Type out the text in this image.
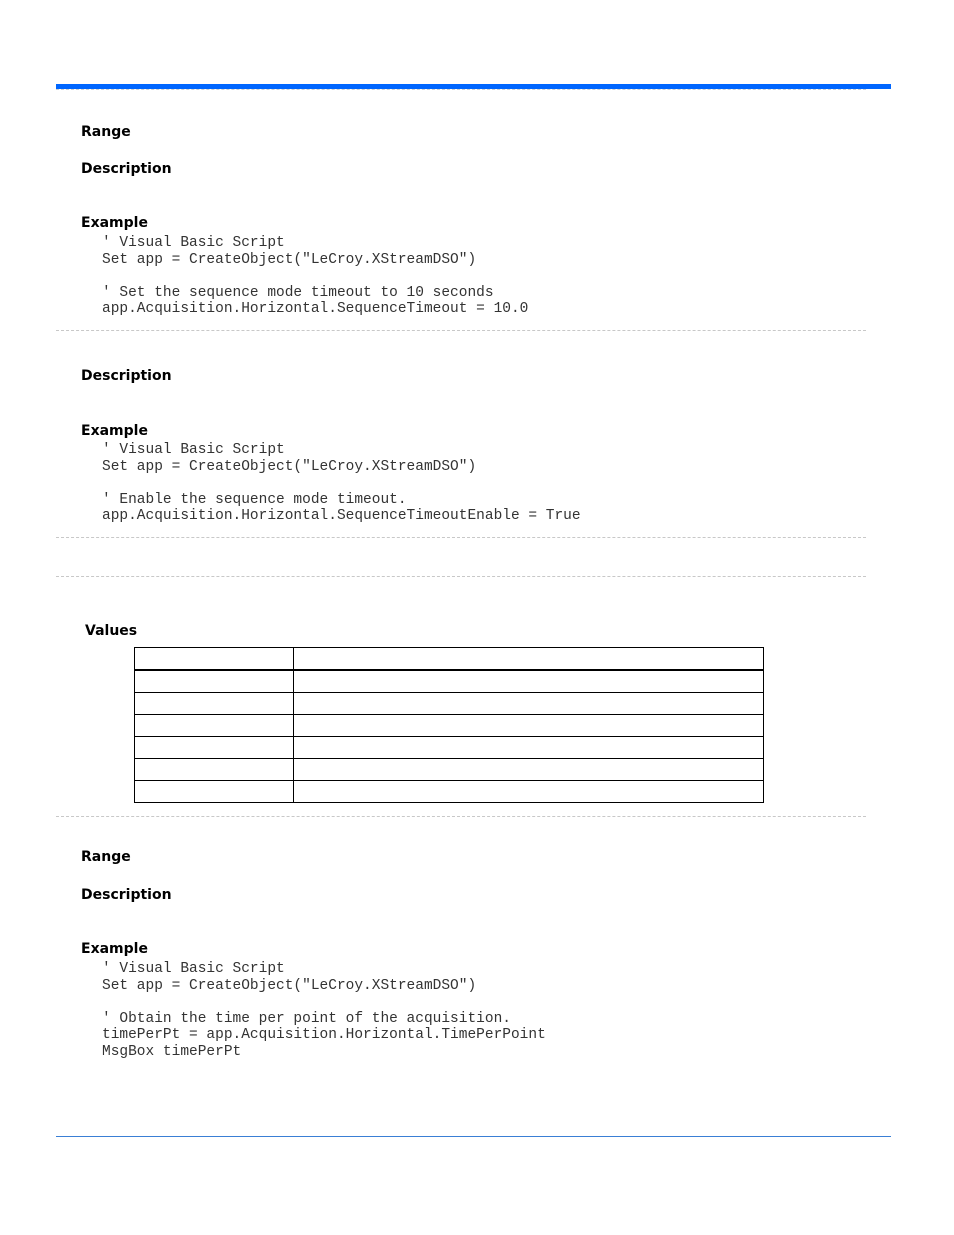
Range
Description
Example
' Visual Basic Script
Set app = CreateObject("LeCroy.XStreamDSO")

' Set the sequence mode timeout to 10 seconds
app.Acquisition.Horizontal.SequenceTimeout = 10.0
Description
Example
' Visual Basic Script
Set app = CreateObject("LeCroy.XStreamDSO")

' Enable the sequence mode timeout.
app.Acquisition.Horizontal.SequenceTimeoutEnable = True
Values

Range
Description
Example
' Visual Basic Script
Set app = CreateObject("LeCroy.XStreamDSO")

' Obtain the time per point of the acquisition.
timePerPt = app.Acquisition.Horizontal.TimePerPoint
MsgBox timePerPt
